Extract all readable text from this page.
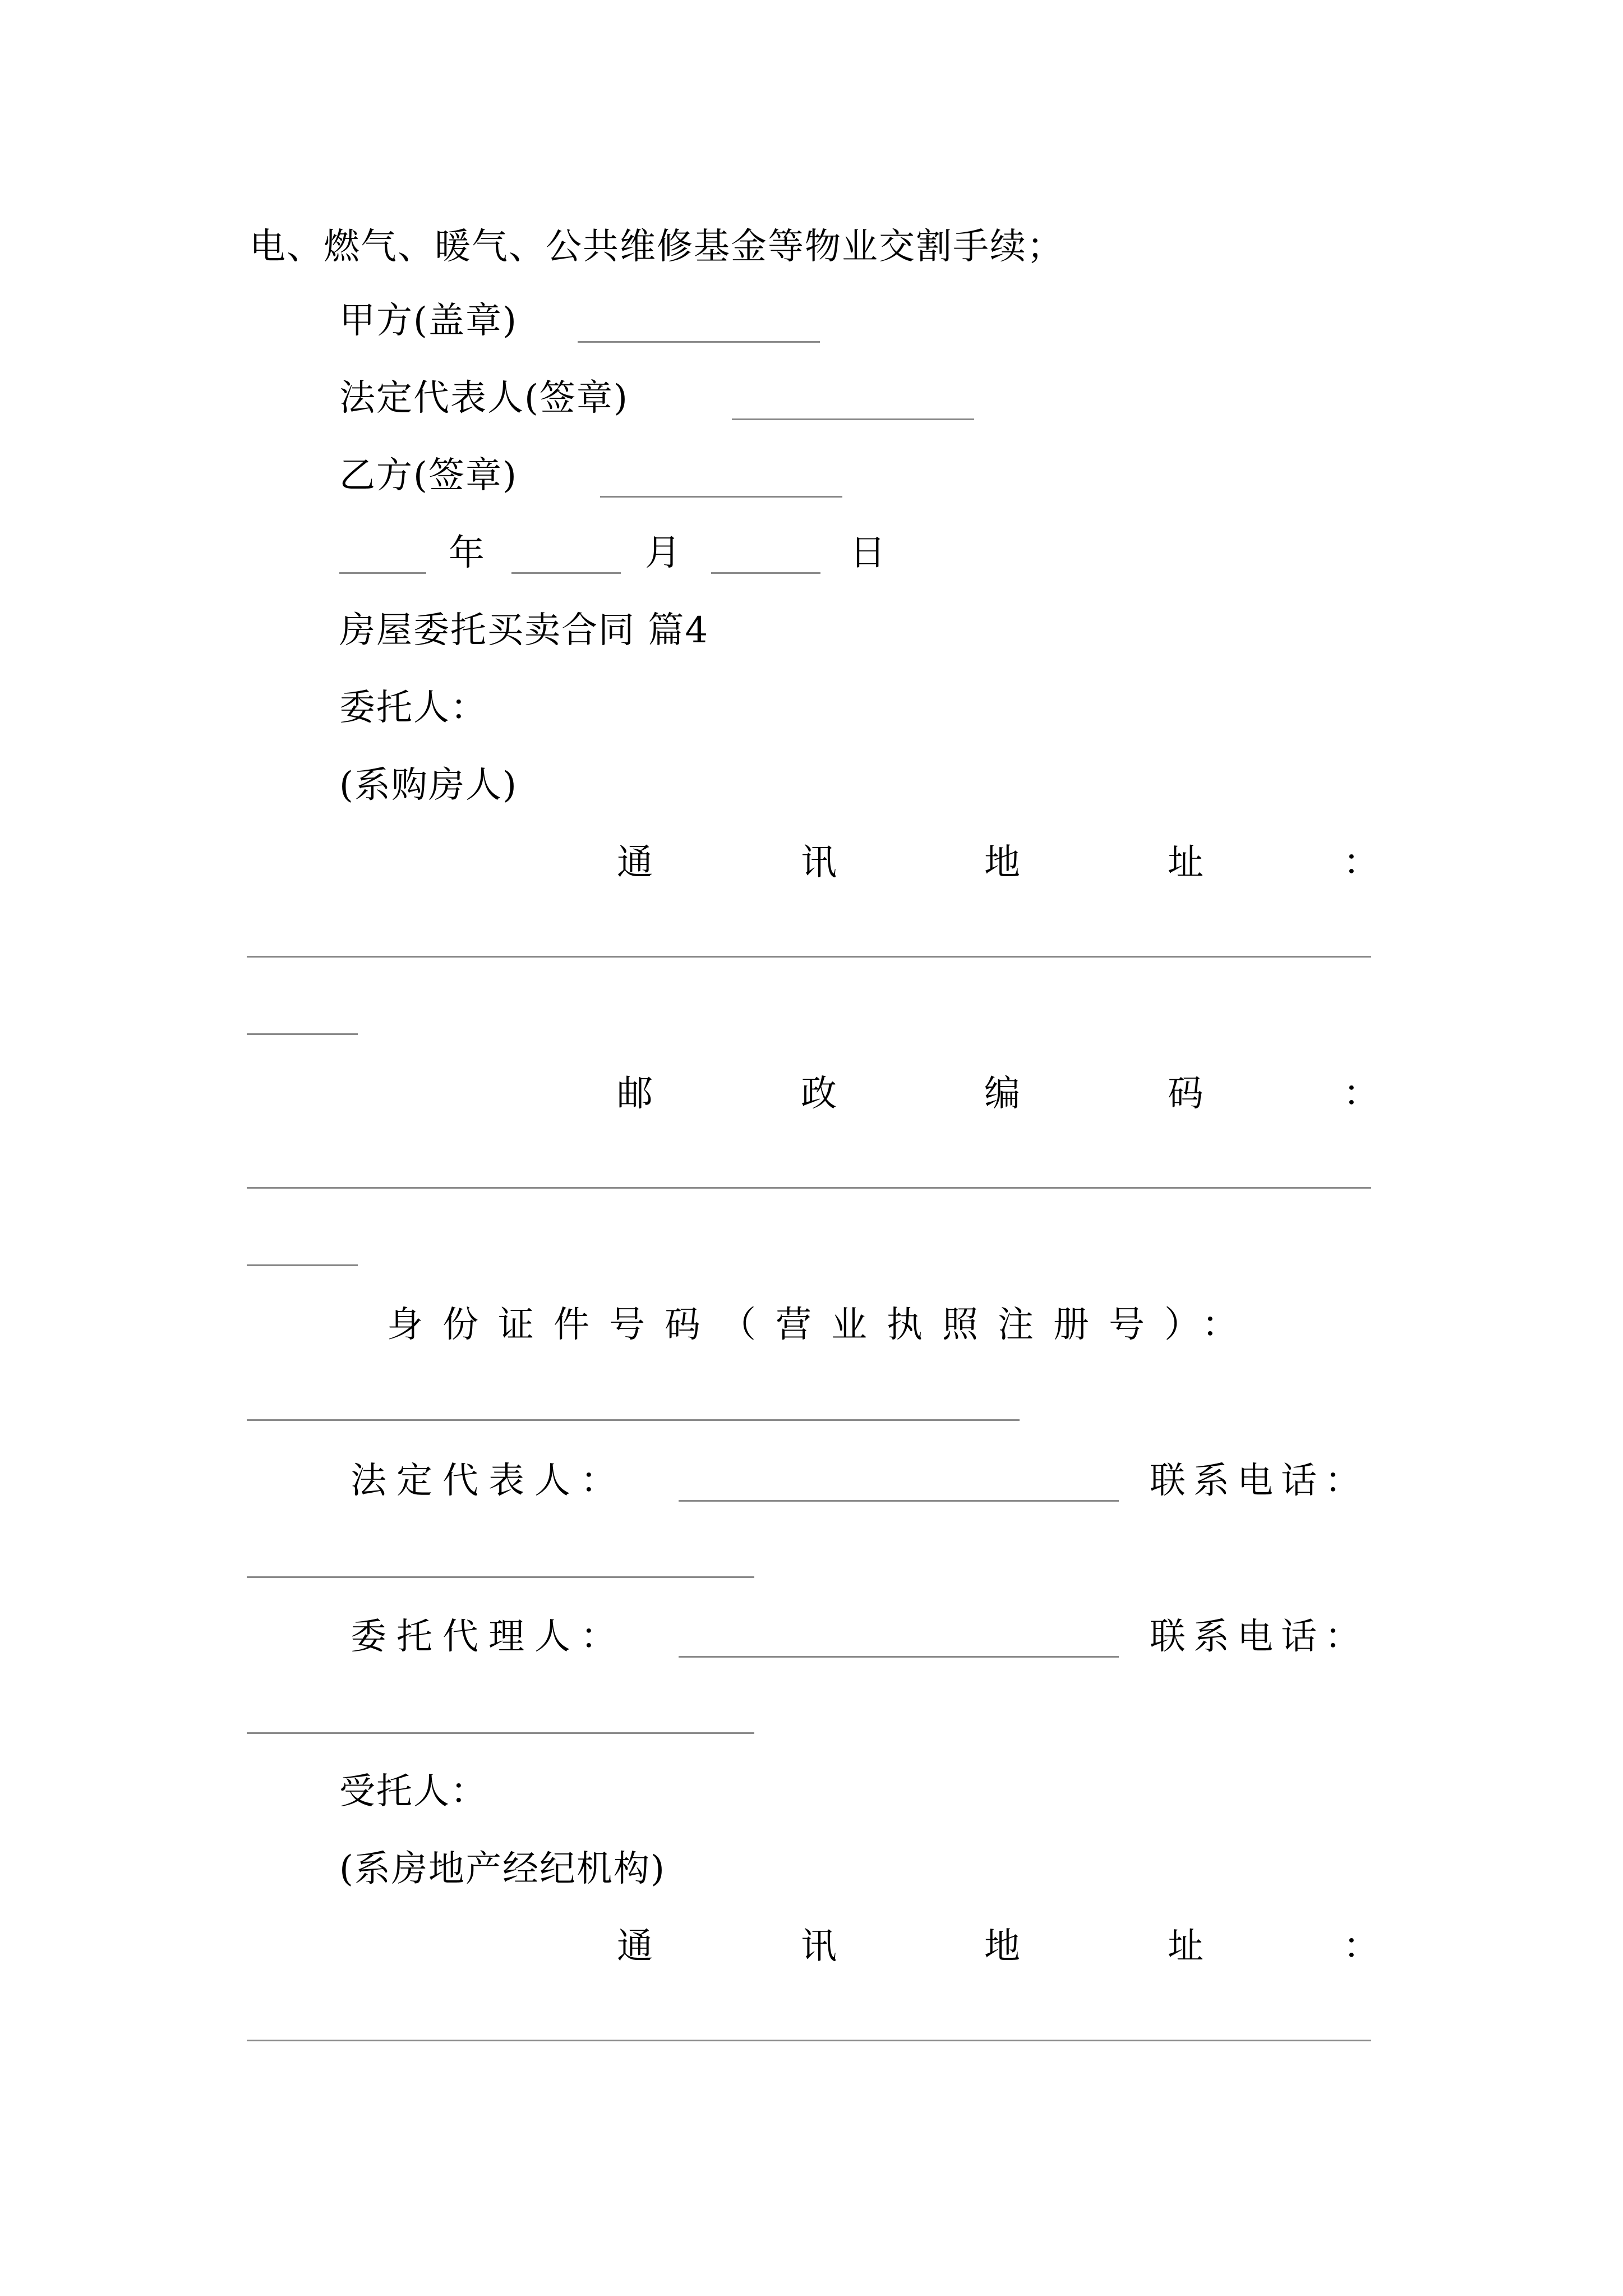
电、燃气、暖气、公共维修基金等物业交割手续；
甲方(盖章)
法定代表人(签章)
乙方(签章)
年	月	日
房屋委托买卖合同 篇4
委托人：
(系购房人)
通	讯	地	址	：
邮	政	编	码	：
身份证件号码（营业执照注册号）：
法定代表人：	联系电话：
委托代理人：	联系电话：
受托人：
(系房地产经纪机构)
通	讯	地	址	：
